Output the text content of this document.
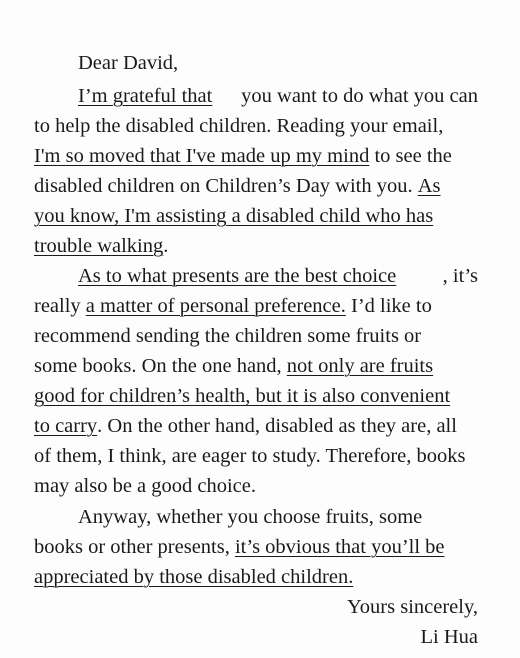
Dear David,
I’m grateful that you want to do what you can
to help the disabled children. Reading your email,
I'm so moved that I've made up my mind to see the
disabled children on Children’s Day with you. As
you know, I'm assisting a disabled child who has
trouble walking .
As to what presents are the best choice , it’s
really a matter of personal preference. I’d like to
recommend sending the children some fruits or
some books. On the one hand, not only are fruits
good for children’s health, but it is also convenient
to carry . On the other hand, disabled as they are, all
of them, I think, are eager to study. Therefore, books
may also be a good choice.
Anyway, whether you choose fruits, some
books or other presents, it’s obvious that you’ll be
appreciated by those disabled children.
Yours sincerely,
Li Hua
